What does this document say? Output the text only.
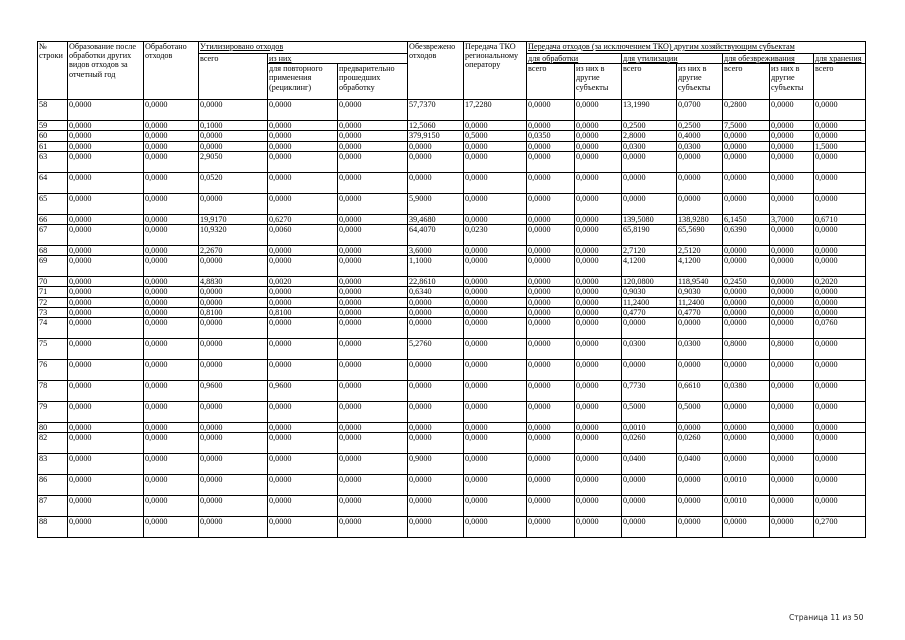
№ строки	Образование после обработки других видов отходов за отчетный год	Обработано отходов	Утилизировано отходов			Обезврежено отходов	Передача ТКО региональному оператору	Передача отходов (за исключением ТКО) другим хозяйствующим субъектам						
			всего	из них				для обработки		для утилизации		для обезвреживания		для хранения
				для повторного применения (рециклинг)	предварительно прошедших обработку			всего	из них в другие субъекты	всего	из них в другие субъекты	всего	из них в другие субъекты	всего

58	0,0000	0,0000	0,0000	0,0000	0,0000	57,7370	17,2280	0,0000	0,0000	13,1990	0,0700	0,2800	0,0000	0,0000
59	0,0000	0,0000	0,1000	0,0000	0,0000	12,5060	0,0000	0,0000	0,0000	0,2500	0,2500	7,5000	0,0000	0,0000
60	0,0000	0,0000	0,0000	0,0000	0,0000	379,9150	0,5000	0,0350	0,0000	2,8000	0,4000	0,0000	0,0000	0,0000
61	0,0000	0,0000	0,0000	0,0000	0,0000	0,0000	0,0000	0,0000	0,0000	0,0300	0,0300	0,0000	0,0000	1,5000
63	0,0000	0,0000	2,9050	0,0000	0,0000	0,0000	0,0000	0,0000	0,0000	0,0000	0,0000	0,0000	0,0000	0,0000
64	0,0000	0,0000	0,0520	0,0000	0,0000	0,0000	0,0000	0,0000	0,0000	0,0000	0,0000	0,0000	0,0000	0,0000
65	0,0000	0,0000	0,0000	0,0000	0,0000	5,9000	0,0000	0,0000	0,0000	0,0000	0,0000	0,0000	0,0000	0,0000
66	0,0000	0,0000	19,9170	0,6270	0,0000	39,4680	0,0000	0,0000	0,0000	139,5080	138,9280	6,1450	3,7000	0,6710
67	0,0000	0,0000	10,9320	0,0060	0,0000	64,4070	0,0230	0,0000	0,0000	65,8190	65,5690	0,6390	0,0000	0,0000
68	0,0000	0,0000	2,2670	0,0000	0,0000	3,6000	0,0000	0,0000	0,0000	2,7120	2,5120	0,0000	0,0000	0,0000
69	0,0000	0,0000	0,0000	0,0000	0,0000	1,1000	0,0000	0,0000	0,0000	4,1200	4,1200	0,0000	0,0000	0,0000
70	0,0000	0,0000	4,8830	0,0020	0,0000	22,8610	0,0000	0,0000	0,0000	120,0800	118,9540	0,2450	0,0000	0,2020
71	0,0000	0,0000	0,0000	0,0000	0,0000	0,6340	0,0000	0,0000	0,0000	0,9030	0,9030	0,0000	0,0000	0,0000
72	0,0000	0,0000	0,0000	0,0000	0,0000	0,0000	0,0000	0,0000	0,0000	11,2400	11,2400	0,0000	0,0000	0,0000
73	0,0000	0,0000	0,8100	0,8100	0,0000	0,0000	0,0000	0,0000	0,0000	0,4770	0,4770	0,0000	0,0000	0,0000
74	0,0000	0,0000	0,0000	0,0000	0,0000	0,0000	0,0000	0,0000	0,0000	0,0000	0,0000	0,0000	0,0000	0,0760
75	0,0000	0,0000	0,0000	0,0000	0,0000	5,2760	0,0000	0,0000	0,0000	0,0300	0,0300	0,8000	0,8000	0,0000
76	0,0000	0,0000	0,0000	0,0000	0,0000	0,0000	0,0000	0,0000	0,0000	0,0000	0,0000	0,0000	0,0000	0,0000
78	0,0000	0,0000	0,9600	0,9600	0,0000	0,0000	0,0000	0,0000	0,0000	0,7730	0,6610	0,0380	0,0000	0,0000
79	0,0000	0,0000	0,0000	0,0000	0,0000	0,0000	0,0000	0,0000	0,0000	0,5000	0,5000	0,0000	0,0000	0,0000
80	0,0000	0,0000	0,0000	0,0000	0,0000	0,0000	0,0000	0,0000	0,0000	0,0010	0,0000	0,0000	0,0000	0,0000
82	0,0000	0,0000	0,0000	0,0000	0,0000	0,0000	0,0000	0,0000	0,0000	0,0260	0,0260	0,0000	0,0000	0,0000
83	0,0000	0,0000	0,0000	0,0000	0,0000	0,9000	0,0000	0,0000	0,0000	0,0400	0,0400	0,0000	0,0000	0,0000
86	0,0000	0,0000	0,0000	0,0000	0,0000	0,0000	0,0000	0,0000	0,0000	0,0000	0,0000	0,0010	0,0000	0,0000
87	0,0000	0,0000	0,0000	0,0000	0,0000	0,0000	0,0000	0,0000	0,0000	0,0000	0,0000	0,0010	0,0000	0,0000
88	0,0000	0,0000	0,0000	0,0000	0,0000	0,0000	0,0000	0,0000	0,0000	0,0000	0,0000	0,0000	0,0000	0,2700
Страница 11 из 50
